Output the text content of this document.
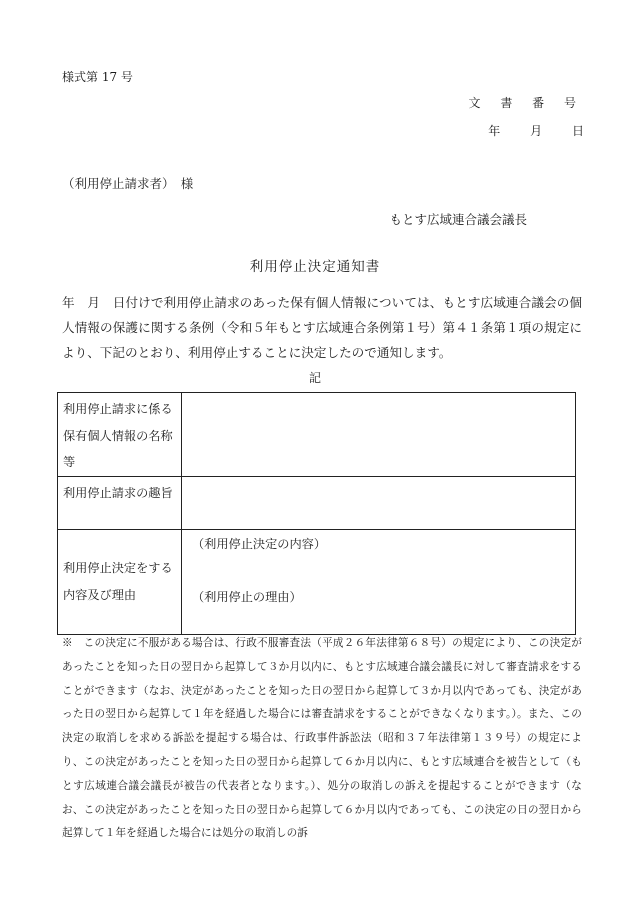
様式第 17 号
文 書 番 号
年 月 日
（利用停止請求者）　様
もとす広域連合議会議長
利用停止決定通知書

年　月　日付けで利用停止請求のあった保有個人情報については、もとす広域連合議会の個人情報の保護に関する条例（令和５年もとす広域連合条例第１号）第４１条第１項の規定により、下記のとおり、利用停止することに決定したので通知します。

記
利用停止請求に係る保有個人情報の名称等	
利用停止請求の趣旨	
利用停止決定をする内容及び理由	（利用停止決定の内容）
（利用停止の理由）

※　この決定に不服がある場合は、行政不服審査法（平成２６年法律第６８号）の規定により、この決定があったことを知った日の翌日から起算して３か月以内に、もとす広域連合議会議長に対して審査請求をすることができます（なお、決定があったことを知った日の翌日から起算して３か月以内であっても、決定があった日の翌日から起算して１年を経過した場合には審査請求をすることができなくなります。）。また、この決定の取消しを求める訴訟を提起する場合は、行政事件訴訟法（昭和３７年法律第１３９号）の規定により、この決定があったことを知った日の翌日から起算して６か月以内に、もとす広域連合を被告として（もとす広域連合議会議長が被告の代表者となります。）、処分の取消しの訴えを提起することができます（なお、この決定があったことを知った日の翌日から起算して６か月以内であっても、この決定の日の翌日から起算して１年を経過した場合には処分の取消しの訴
